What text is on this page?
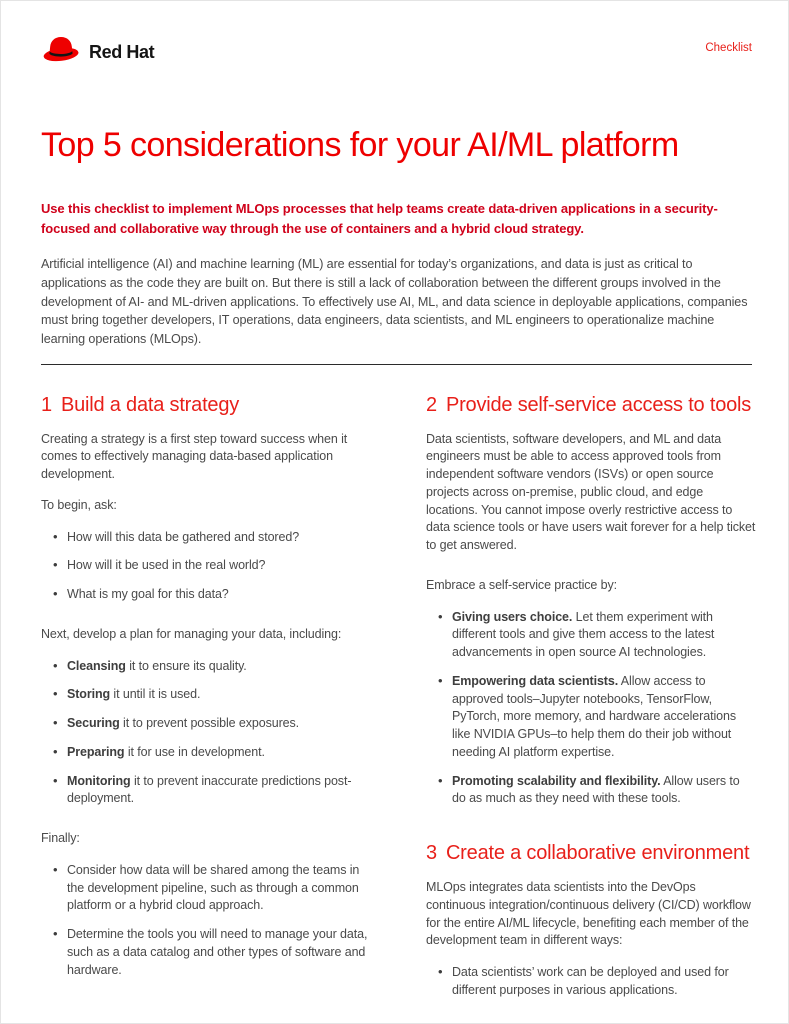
Red Hat	Checklist
Top 5 considerations for your AI/ML platform

Use this checklist to implement MLOps processes that help teams create data-driven applications in a security-focused and collaborative way through the use of containers and a hybrid cloud strategy.

Artificial intelligence (AI) and machine learning (ML) are essential for today’s organizations, and data is just as critical to applications as the code they are built on. But there is still a lack of collaboration between the different groups involved in the development of AI- and ML-driven applications. To effectively use AI, ML, and data science in deployable applications, companies must bring together developers, IT operations, data engineers, data scientists, and ML engineers to operationalize machine learning operations (MLOps).

1 Build a data strategy

Creating a strategy is a first step toward success when it comes to effectively managing data-based application development.

To begin, ask:

• How will this data be gathered and stored?
• How will it be used in the real world?
• What is my goal for this data?

Next, develop a plan for managing your data, including:

• Cleansing it to ensure its quality.
• Storing it until it is used.
• Securing it to prevent possible exposures.
• Preparing it for use in development.
• Monitoring it to prevent inaccurate predictions post-deployment.

Finally:

• Consider how data will be shared among the teams in the development pipeline, such as through a common platform or a hybrid cloud approach.
• Determine the tools you will need to manage your data, such as a data catalog and other types of software and hardware.
2 Provide self-service access to tools

Data scientists, software developers, and ML and data engineers must be able to access approved tools from independent software vendors (ISVs) or open source projects across on-premise, public cloud, and edge locations. You cannot impose overly restrictive access to data science tools or have users wait forever for a help ticket to get answered.

Embrace a self-service practice by:

• Giving users choice. Let them experiment with different tools and give them access to the latest advancements in open source AI technologies.
• Empowering data scientists. Allow access to approved tools–Jupyter notebooks, TensorFlow, PyTorch, more memory, and hardware accelerations like NVIDIA GPUs–to help them do their job without needing AI platform expertise.
• Promoting scalability and flexibility. Allow users to do as much as they need with these tools.
3 Create a collaborative environment

MLOps integrates data scientists into the DevOps continuous integration/continuous delivery (CI/CD) workflow for the entire AI/ML lifecycle, benefiting each member of the development team in different ways:

• Data scientists’ work can be deployed and used for different purposes in various applications.
